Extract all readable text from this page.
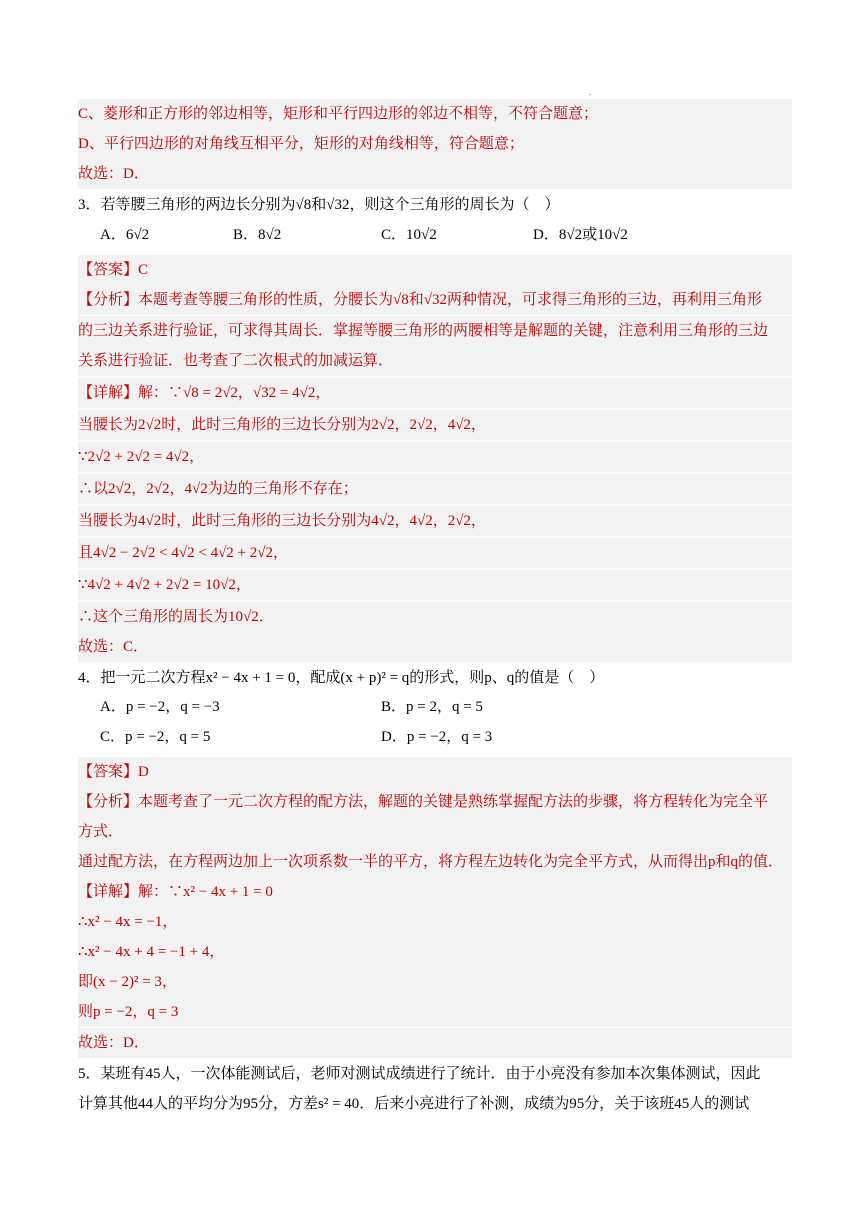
.
C、菱形和正方形的邻边相等，矩形和平行四边形的邻边不相等，不符合题意；
D、平行四边形的对角线互相平分，矩形的对角线相等，符合题意；
故选：D．
3．若等腰三角形的两边长分别为√8和√32，则这个三角形的周长为（　）
A．6√2	B．8√2	C．10√2	D．8√2或10√2
【答案】C
【分析】本题考查等腰三角形的性质，分腰长为√8和√32两种情况，可求得三角形的三边，再利用三角形
的三边关系进行验证，可求得其周长．掌握等腰三角形的两腰相等是解题的关键，注意利用三角形的三边
关系进行验证．也考查了二次根式的加减运算．
【详解】解：∵√8 = 2√2，√32 = 4√2，
当腰长为2√2时，此时三角形的三边长分别为2√2，2√2，4√2，
∵2√2 + 2√2 = 4√2，
∴以2√2，2√2，4√2为边的三角形不存在；
当腰长为4√2时，此时三角形的三边长分别为4√2，4√2，2√2，
且4√2 − 2√2 < 4√2 < 4√2 + 2√2，
∵4√2 + 4√2 + 2√2 = 10√2，
∴这个三角形的周长为10√2．
故选：C．
4．把一元二次方程x² − 4x + 1 = 0，配成(x + p)² = q的形式，则p、q的值是（　）
A．p = −2，q = −3	B．p = 2，q = 5
C．p = −2，q = 5	D．p = −2，q = 3
【答案】D
【分析】本题考查了一元二次方程的配方法，解题的关键是熟练掌握配方法的步骤，将方程转化为完全平
方式．
通过配方法，在方程两边加上一次项系数一半的平方，将方程左边转化为完全平方式，从而得出p和q的值．
【详解】解：∵x² − 4x + 1 = 0
∴x² − 4x = −1，
∴x² − 4x + 4 = −1 + 4，
即(x − 2)² = 3，
则p = −2，q = 3
故选：D．
5．某班有45人，一次体能测试后，老师对测试成绩进行了统计．由于小亮没有参加本次集体测试，因此
计算其他44人的平均分为95分，方差s² = 40．后来小亮进行了补测，成绩为95分，关于该班45人的测试
